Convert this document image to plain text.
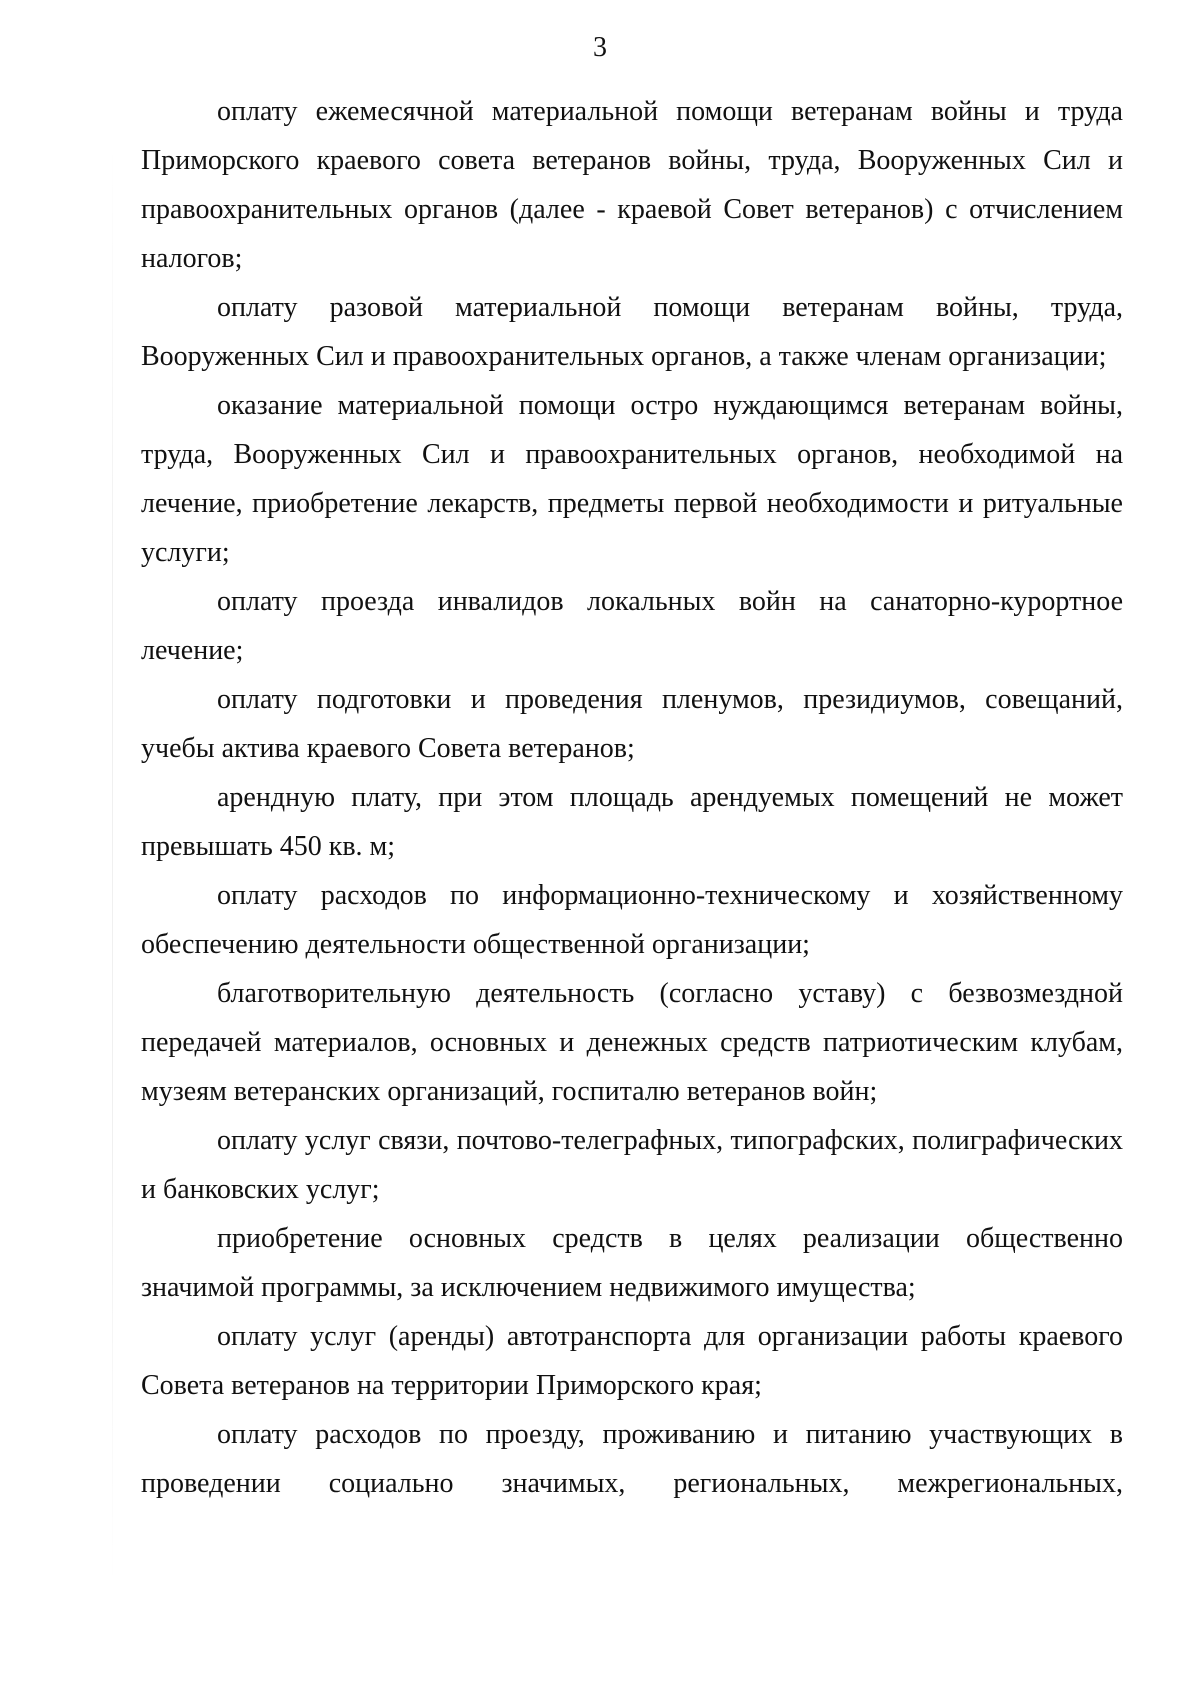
3

оплату ежемесячной материальной помощи ветеранам войны и труда Приморского краевого совета ветеранов войны, труда, Вооруженных Сил и правоохранительных органов (далее - краевой Совет ветеранов) с отчислением налогов;

оплату разовой материальной помощи ветеранам войны, труда, Вооруженных Сил и правоохранительных органов, а также членам организации;

оказание материальной помощи остро нуждающимся ветеранам войны, труда, Вооруженных Сил и правоохранительных органов, необходимой на лечение, приобретение лекарств, предметы первой необходимости и ритуальные услуги;

оплату проезда инвалидов локальных войн на санаторно-курортное лечение;

оплату подготовки и проведения пленумов, президиумов, совещаний, учебы актива краевого Совета ветеранов;

арендную плату, при этом площадь арендуемых помещений не может превышать 450 кв. м;

оплату расходов по информационно-техническому и хозяйственному обеспечению деятельности общественной организации;

благотворительную деятельность (согласно уставу) с безвозмездной передачей материалов, основных и денежных средств патриотическим клубам, музеям ветеранских организаций, госпиталю ветеранов войн;

оплату услуг связи, почтово-телеграфных, типографских, полиграфических и банковских услуг;

приобретение основных средств в целях реализации общественно значимой программы, за исключением недвижимого имущества;

оплату услуг (аренды) автотранспорта для организации работы краевого Совета ветеранов на территории Приморского края;

оплату расходов по проезду, проживанию и питанию участвующих в проведении социально значимых, региональных, межрегиональных,
